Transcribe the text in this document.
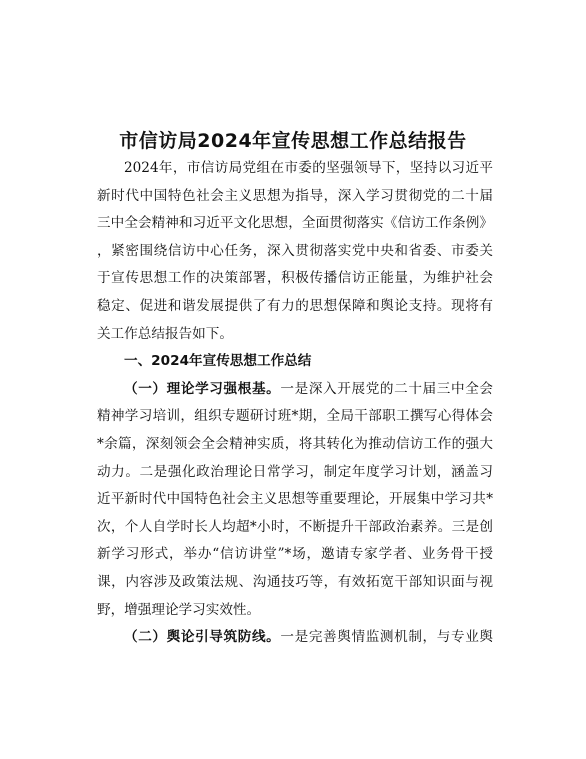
市信访局2024年宣传思想工作总结报告
2024年，市信访局党组在市委的坚强领导下，坚持以习近平
新时代中国特色社会主义思想为指导，深入学习贯彻党的二十届
三中全会精神和习近平文化思想，全面贯彻落实《信访工作条例》
，紧密围绕信访中心任务，深入贯彻落实党中央和省委、市委关
于宣传思想工作的决策部署，积极传播信访正能量，为维护社会
稳定、促进和谐发展提供了有力的思想保障和舆论支持。现将有
关工作总结报告如下。
一、2024年宣传思想工作总结
（一）理论学习强根基。一是深入开展党的二十届三中全会
精神学习培训，组织专题研讨班*期，全局干部职工撰写心得体会
*余篇，深刻领会全会精神实质，将其转化为推动信访工作的强大
动力。二是强化政治理论日常学习，制定年度学习计划，涵盖习
近平新时代中国特色社会主义思想等重要理论，开展集中学习共*
次，个人自学时长人均超*小时，不断提升干部政治素养。三是创
新学习形式，举办“信访讲堂”*场，邀请专家学者、业务骨干授
课，内容涉及政策法规、沟通技巧等，有效拓宽干部知识面与视
野，增强理论学习实效性。
（二）舆论引导筑防线。一是完善舆情监测机制，与专业舆
